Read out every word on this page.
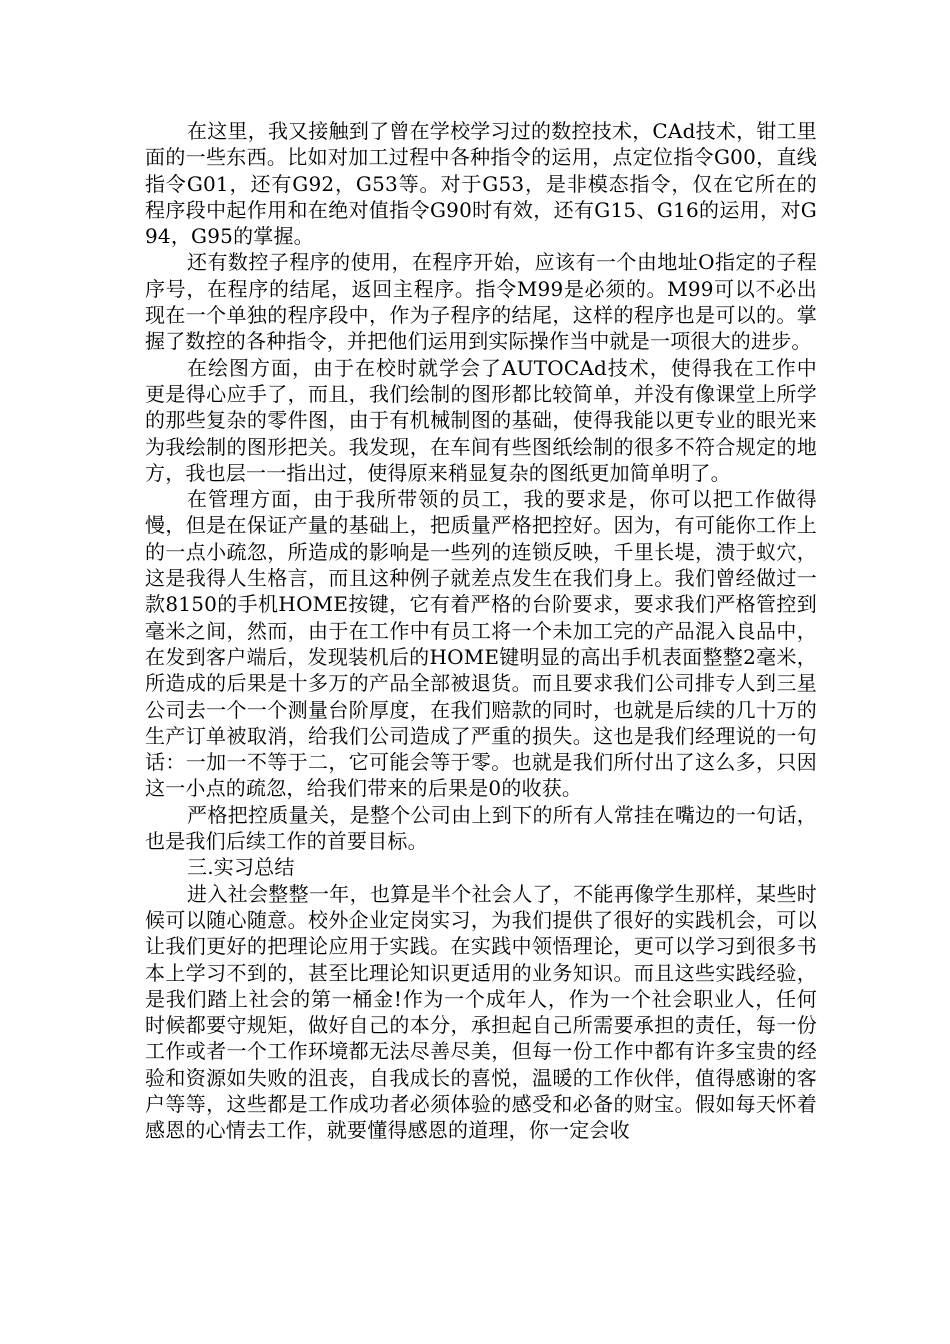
在这里，我又接触到了曾在学校学习过的数控技术，CAd技术，钳工里面的一些东西。比如对加工过程中各种指令的运用，点定位指令G00，直线指令G01，还有G92，G53等。对于G53，是非模态指令，仅在它所在的程序段中起作用和在绝对值指令G90时有效，还有G15、G16的运用，对G94，G95的掌握。

还有数控子程序的使用，在程序开始，应该有一个由地址O指定的子程序号，在程序的结尾，返回主程序。指令M99是必须的。M99可以不必出现在一个单独的程序段中，作为子程序的结尾，这样的程序也是可以的。掌握了数控的各种指令，并把他们运用到实际操作当中就是一项很大的进步。

在绘图方面，由于在校时就学会了AUTOCAd技术，使得我在工作中更是得心应手了，而且，我们绘制的图形都比较简单，并没有像课堂上所学的那些复杂的零件图，由于有机械制图的基础，使得我能以更专业的眼光来为我绘制的图形把关。我发现，在车间有些图纸绘制的很多不符合规定的地方，我也层一一指出过，使得原来稍显复杂的图纸更加简单明了。

在管理方面，由于我所带领的员工，我的要求是，你可以把工作做得慢，但是在保证产量的基础上，把质量严格把控好。因为，有可能你工作上的一点小疏忽，所造成的影响是一些列的连锁反映，千里长堤，溃于蚁穴，这是我得人生格言，而且这种例子就差点发生在我们身上。我们曾经做过一款8150的手机HOME按键，它有着严格的台阶要求，要求我们严格管控到毫米之间，然而，由于在工作中有员工将一个未加工完的产品混入良品中，在发到客户端后，发现装机后的HOME键明显的高出手机表面整整2毫米，所造成的后果是十多万的产品全部被退货。而且要求我们公司排专人到三星公司去一个一个测量台阶厚度，在我们赔款的同时，也就是后续的几十万的生产订单被取消，给我们公司造成了严重的损失。这也是我们经理说的一句话：一加一不等于二，它可能会等于零。也就是我们所付出了这么多，只因这一小点的疏忽，给我们带来的后果是0的收获。

严格把控质量关，是整个公司由上到下的所有人常挂在嘴边的一句话，也是我们后续工作的首要目标。

三.实习总结

进入社会整整一年，也算是半个社会人了，不能再像学生那样，某些时候可以随心随意。校外企业定岗实习，为我们提供了很好的实践机会，可以让我们更好的把理论应用于实践。在实践中领悟理论，更可以学习到很多书本上学习不到的，甚至比理论知识更适用的业务知识。而且这些实践经验，是我们踏上社会的第一桶金!作为一个成年人，作为一个社会职业人，任何时候都要守规矩，做好自己的本分，承担起自己所需要承担的责任，每一份工作或者一个工作环境都无法尽善尽美，但每一份工作中都有许多宝贵的经验和资源如失败的沮丧，自我成长的喜悦，温暖的工作伙伴，值得感谢的客户等等，这些都是工作成功者必须体验的感受和必备的财宝。假如每天怀着感恩的心情去工作，就要懂得感恩的道理，你一定会收
